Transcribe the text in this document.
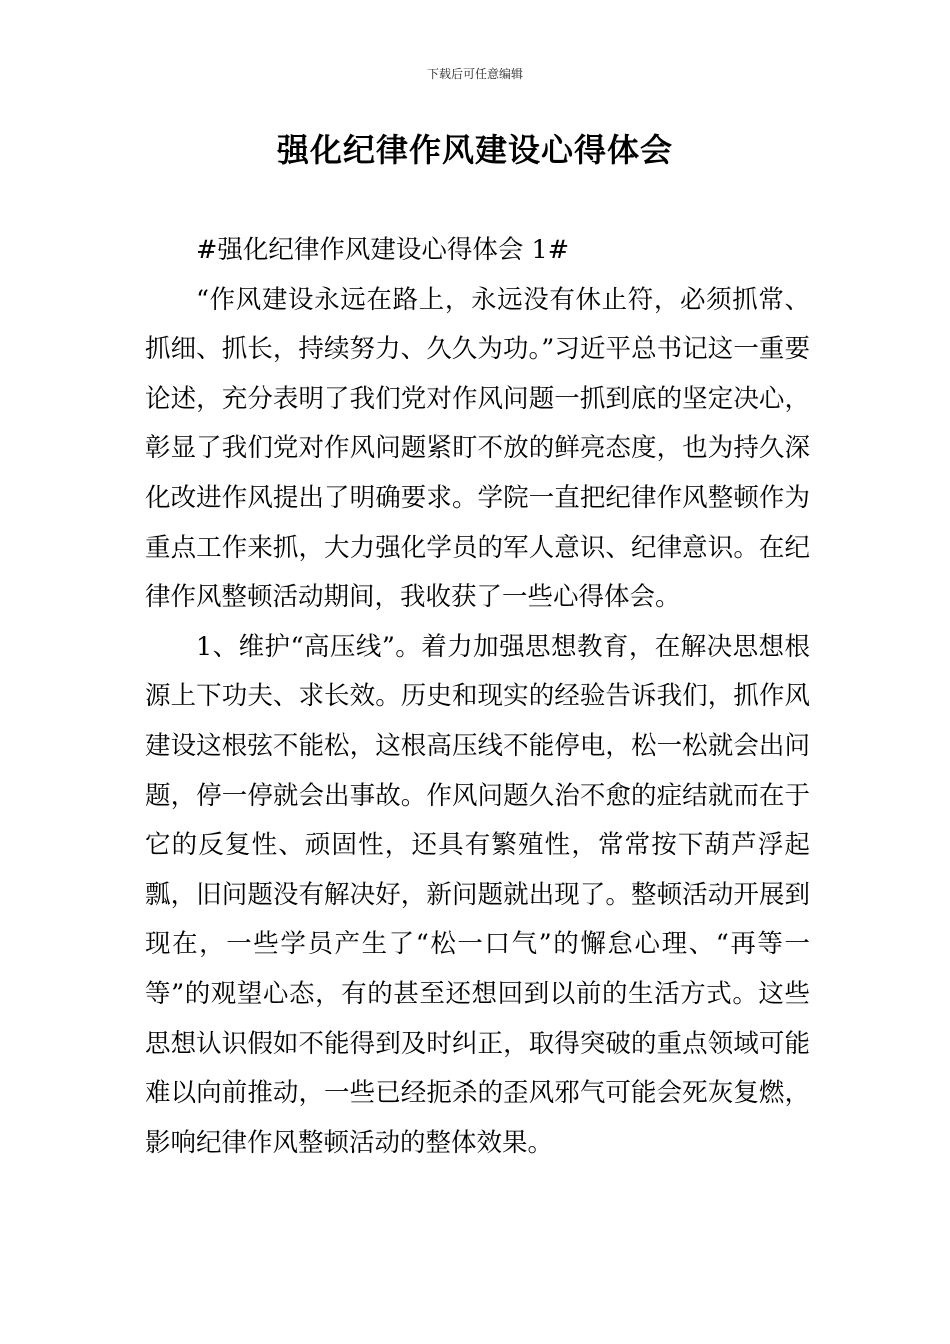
下载后可任意编辑
强化纪律作风建设心得体会

#强化纪律作风建设心得体会 1#

“作风建设永远在路上，永远没有休止符，必须抓常、抓细、抓长，持续努力、久久为功。”习近平总书记这一重要论述，充分表明了我们党对作风问题一抓到底的坚定决心，彰显了我们党对作风问题紧盯不放的鲜亮态度，也为持久深化改进作风提出了明确要求。学院一直把纪律作风整顿作为重点工作来抓，大力强化学员的军人意识、纪律意识。在纪律作风整顿活动期间，我收获了一些心得体会。

1、维护“高压线”。着力加强思想教育，在解决思想根源上下功夫、求长效。历史和现实的经验告诉我们，抓作风建设这根弦不能松，这根高压线不能停电，松一松就会出问题，停一停就会出事故。作风问题久治不愈的症结就而在于它的反复性、顽固性，还具有繁殖性，常常按下葫芦浮起瓢，旧问题没有解决好，新问题就出现了。整顿活动开展到现在，一些学员产生了“松一口气”的懈怠心理、“再等一等”的观望心态，有的甚至还想回到以前的生活方式。这些思想认识假如不能得到及时纠正，取得突破的重点领域可能难以向前推动，一些已经扼杀的歪风邪气可能会死灰复燃，影响纪律作风整顿活动的整体效果。
